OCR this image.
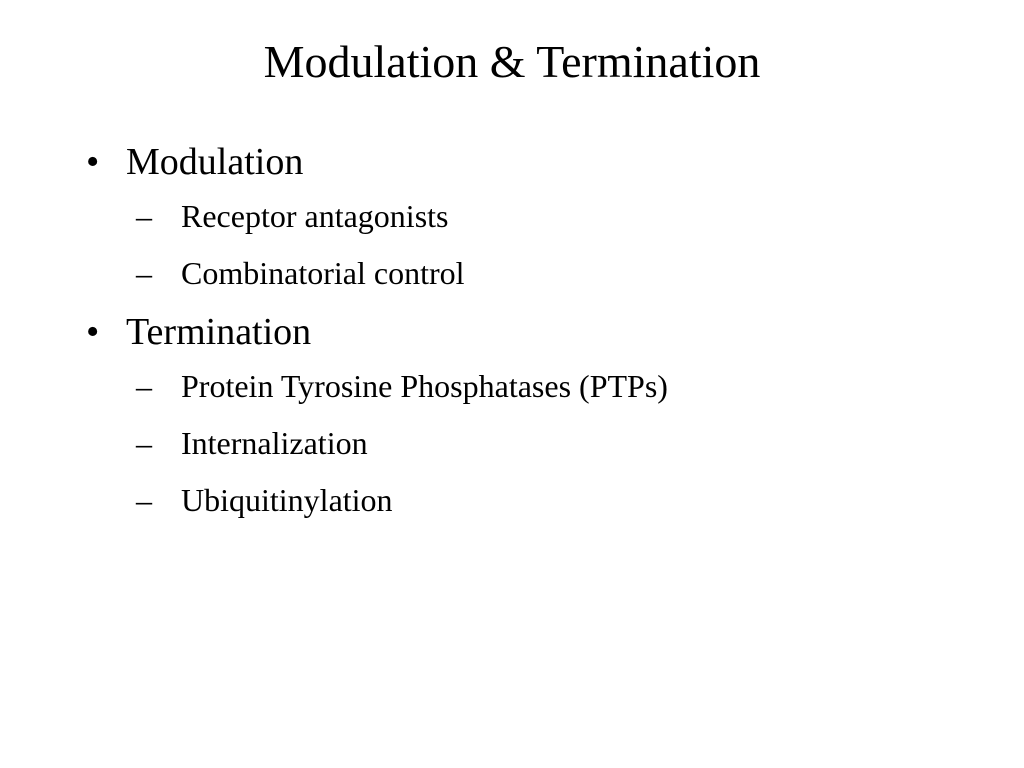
Modulation & Termination
• Modulation
– Receptor antagonists
– Combinatorial control
• Termination
– Protein Tyrosine Phosphatases (PTPs)
– Internalization
– Ubiquitinylation
